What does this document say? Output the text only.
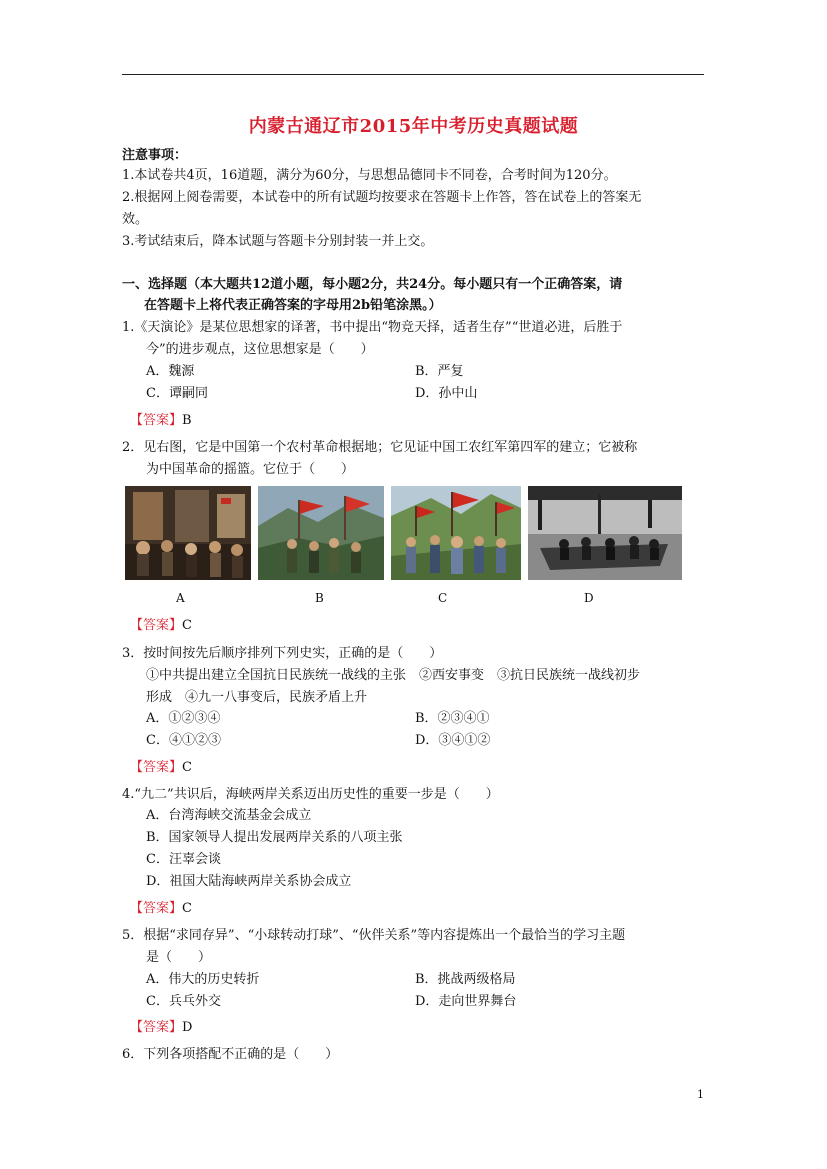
内蒙古通辽市2015年中考历史真题试题
注意事项：
1.本试卷共4页，16道题，满分为60分，与思想品德同卡不同卷，合考时间为120分。
2.根据网上阅卷需要，本试卷中的所有试题均按要求在答题卡上作答，答在试卷上的答案无
效。
3.考试结束后，降本试题与答题卡分别封装一并上交。
一、选择题（本大题共12道小题，每小题2分，共24分。每小题只有一个正确答案，请
在答题卡上将代表正确答案的字母用2b铅笔涂黑。）
1.《天演论》是某位思想家的译著，书中提出“物竞天择，适者生存”“世道必进，后胜于
今”的进步观点，这位思想家是（　　）
A．魏源	B．严复
C．谭嗣同	D．孙中山
【答案】B
2．见右图，它是中国第一个农村革命根据地；它见证中国工农红军第四军的建立；它被称
为中国革命的摇篮。它位于（　　）
A	B	C	D
【答案】C
3．按时间按先后顺序排列下列史实，正确的是（　　）
①中共提出建立全国抗日民族统一战线的主张　②西安事变　③抗日民族统一战线初步
形成　④九一八事变后，民族矛盾上升
A．①②③④	B．②③④①
C．④①②③	D．③④①②
【答案】C
4.“九二”共识后，海峡两岸关系迈出历史性的重要一步是（　　）
A．台湾海峡交流基金会成立
B．国家领导人提出发展两岸关系的八项主张
C．汪辜会谈
D．祖国大陆海峡两岸关系协会成立
【答案】C
5．根据“求同存异”、“小球转动打球”、“伙伴关系”等内容提炼出一个最恰当的学习主题
是（　　）
A．伟大的历史转折	B．挑战两级格局
C．兵乓外交	D．走向世界舞台
【答案】D
6．下列各项搭配不正确的是（　　）
1
